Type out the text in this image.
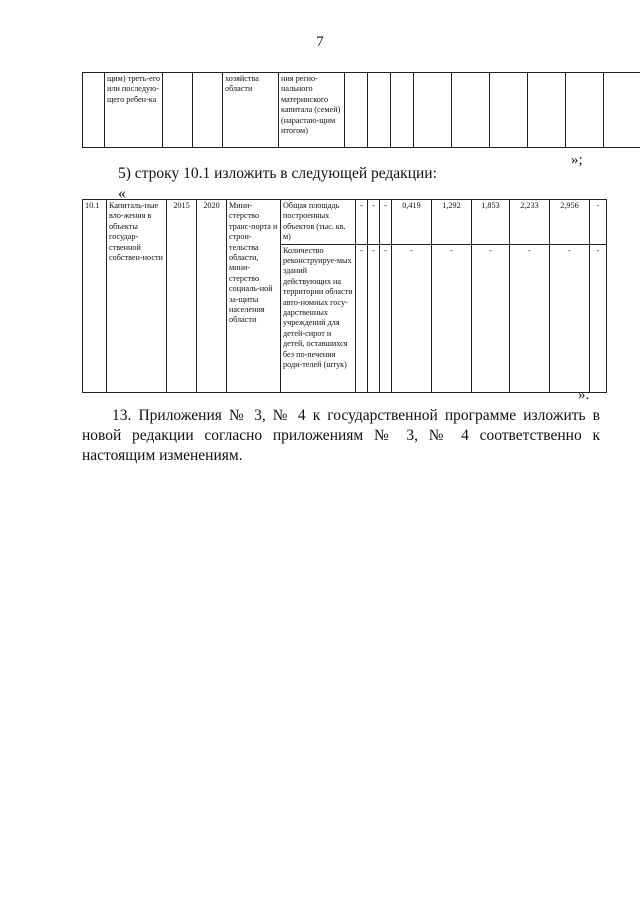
7
	щим) треть-его или последую-щего ребен-ка			хозяйства области	ния регио-нального материнского капитала (семей) (нарастаю-щим итогом)									
»;
5) строку 10.1 изложить в следующей редакции:
«
10.1	Капиталь-ные вло-жения в объекты государ-ственной собствен-ности	2015	2020	Мини-стерство транс-порта и строи-тельства области, мини-стерство социаль-ной за-щиты населения области	Общая площадь построенных объектов (тыс. кв. м)	-	-	-	0,419	1,292	1,853	2,233	2,956	-
					Количество реконструируе-мых зданий действующих на территории области авто-номных госу-дарственных учреждений для детей-сирот и детей, оставшихся без по-печения роди-телей (штук)	-	-	-	-	-	-	-	-	-
».
13. Приложения № 3, № 4 к государственной программе изложить в новой редакции согласно приложениям № 3, № 4 соответственно к настоящим изменениям.
